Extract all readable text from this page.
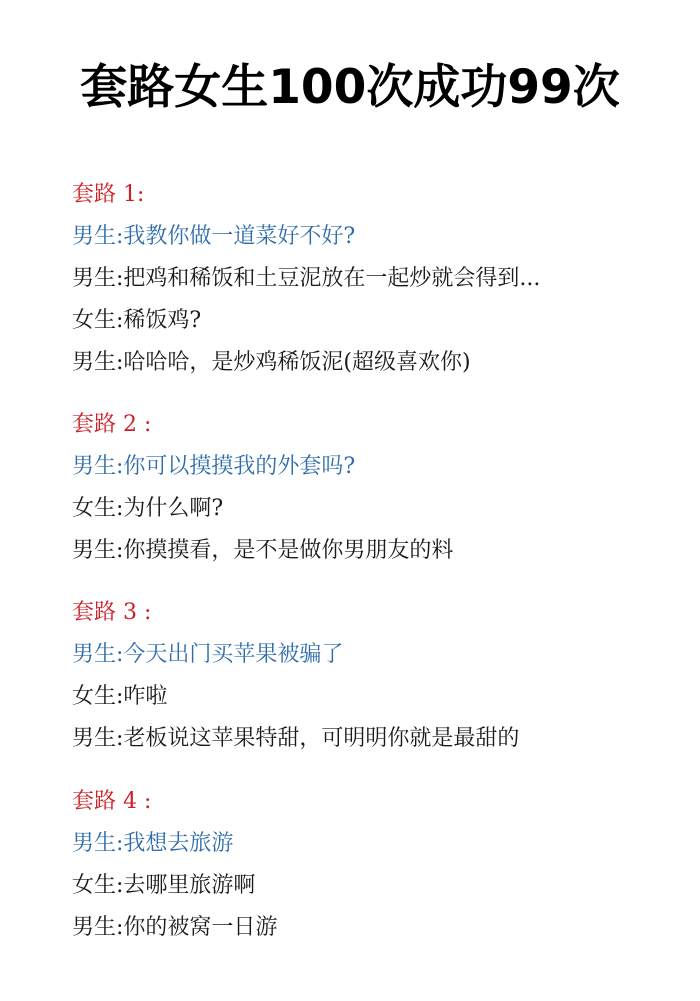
套路女生100次成功99次
套路 1:
男生:我教你做一道菜好不好?
男生:把鸡和稀饭和土豆泥放在一起炒就会得到...
女生:稀饭鸡?
男生:哈哈哈，是炒鸡稀饭泥(超级喜欢你)
套路 2 :
男生:你可以摸摸我的外套吗?
女生:为什么啊?
男生:你摸摸看，是不是做你男朋友的料
套路 3 :
男生:今天出门买苹果被骗了
女生:咋啦
男生:老板说这苹果特甜，可明明你就是最甜的
套路 4 :
男生:我想去旅游
女生:去哪里旅游啊
男生:你的被窝一日游
